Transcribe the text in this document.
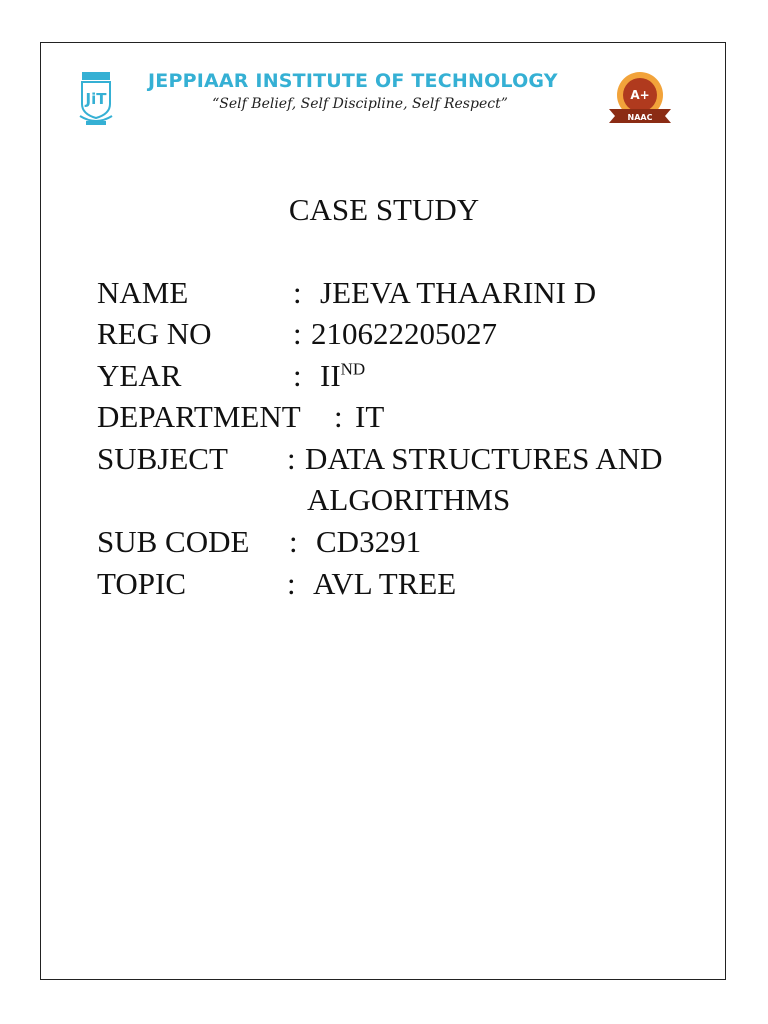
JiT
JEPPIAAR INSTITUTE OF TECHNOLOGY
“Self Belief, Self Discipline, Self Respect”
A+
NAAC
CASE STUDY
NAME	: JEEVA THAARINI D
REG NO	: 210622205027
YEAR	: IIND
DEPARTMENT : IT
SUBJECT : DATA STRUCTURES AND
ALGORITHMS
SUB CODE : CD3291
TOPIC	: AVL TREE
